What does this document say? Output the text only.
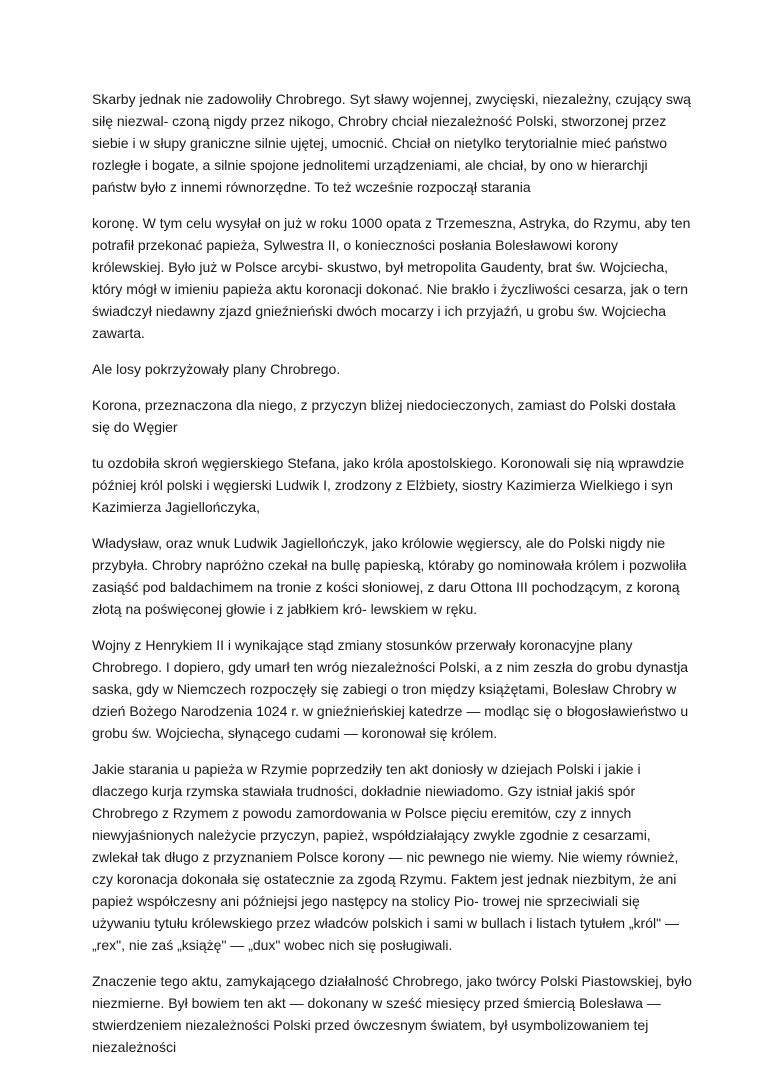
Skarby jednak nie zadowoliły Chrobrego. Syt sławy wojennej, zwycięski, niezależny, czujący swą siłę niezwal- czoną nigdy przez nikogo, Chrobry chciał niezależność Polski, stworzonej przez siebie i w słupy graniczne silnie ujętej, umocnić. Chciał on nietylko terytorialnie mieć państwo rozległe i bogate, a silnie spojone jednolitemi urządzeniami, ale chciał, by ono w hierarchji państw było z innemi równorzędne. To też wcześnie rozpoczął starania

koronę. W tym celu wysyłał on już w roku 1000 opata z Trzemeszna, Astryka, do Rzymu, aby ten potrafił przekonać papieża, Sylwestra II, o konieczności posłania Bolesławowi korony królewskiej. Było już w Polsce arcybi- skustwo, był metropolita Gaudenty, brat św. Wojciecha, który mógł w imieniu papieża aktu koronacji dokonać. Nie brakło i życzliwości cesarza, jak o tern świadczył niedawny zjazd gnieźnieński dwóch mocarzy i ich przyjaźń, u grobu św. Wojciecha zawarta.

Ale losy pokrzyżowały plany Chrobrego.

Korona, przeznaczona dla niego, z przyczyn bliżej niedocieczonych, zamiast do Polski dostała się do Węgier

tu ozdobiła skroń węgierskiego Stefana, jako króla apostolskiego. Koronowali się nią wprawdzie później król polski i węgierski Ludwik I, zrodzony z Elżbiety, siostry Kazimierza Wielkiego i syn Kazimierza Jagiellończyka,

Władysław, oraz wnuk Ludwik Jagiellończyk, jako królowie węgierscy, ale do Polski nigdy nie przybyła. Chrobry napróżno czekał na bullę papieską, któraby go nominowała królem i pozwoliła zasiąść pod baldachimem na tronie z kości słoniowej, z daru Ottona III pochodzącym, z koroną złotą na poświęconej głowie i z jabłkiem kró- lewskiem w ręku.

Wojny z Henrykiem II i wynikające stąd zmiany stosunków przerwały koronacyjne plany Chrobrego. I dopiero, gdy umarł ten wróg niezależności Polski, a z nim zeszła do grobu dynastja saska, gdy w Niemczech rozpoczęły się zabiegi o tron między książętami, Bolesław Chrobry w dzień Bożego Narodzenia 1024 r. w gnieźnieńskiej katedrze — modląc się o błogosławieństwo u grobu św. Wojciecha, słynącego cudami — koronował się królem.

Jakie starania u papieża w Rzymie poprzedziły ten akt doniosły w dziejach Polski i jakie i dlaczego kurja rzymska stawiała trudności, dokładnie niewiadomo. Gzy istniał jakiś spór Chrobrego z Rzymem z powodu zamordowania w Polsce pięciu eremitów, czy z innych niewyjaśnionych należycie przyczyn, papież, współdziałający zwykle zgodnie z cesarzami, zwlekał tak długo z przyznaniem Polsce korony — nic pewnego nie wiemy. Nie wiemy również, czy koronacja dokonała się ostatecznie za zgodą Rzymu. Faktem jest jednak niezbitym, że ani papież współczesny ani późniejsi jego następcy na stolicy Pio- trowej nie sprzeciwiali się używaniu tytułu królewskiego przez władców polskich i sami w bullach i listach tytułem „król" — „rex", nie zaś „książę" — „dux" wobec nich się posługiwali.

Znaczenie tego aktu, zamykającego działalność Chrobrego, jako twórcy Polski Piastowskiej, było niezmierne. Był bowiem ten akt — dokonany w sześć miesięcy przed śmiercią Bolesława — stwierdzeniem niezależności Polski przed ówczesnym światem, był usymbolizowaniem tej niezależności
